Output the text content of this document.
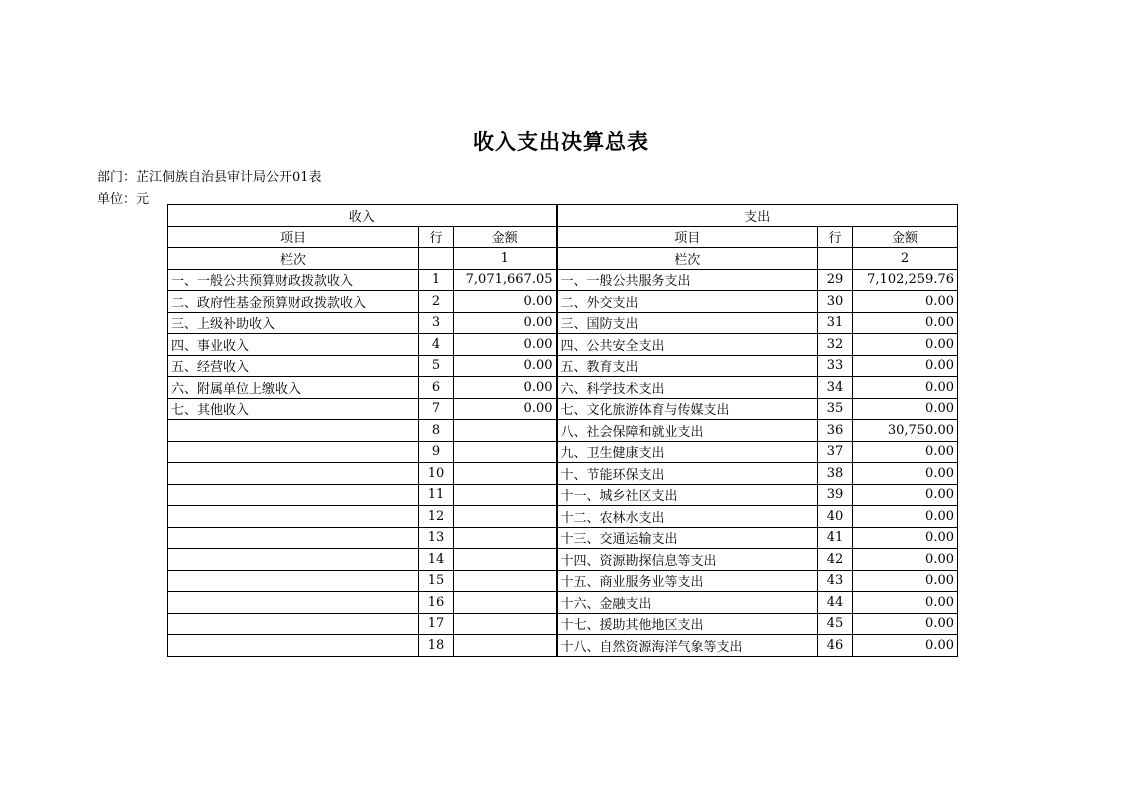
收入支出决算总表
部门：芷江侗族自治县审计局公开01表
单位：元
收入			支出		
项目	行	金额	项目	行	金额
栏次		1	栏次		2
一、一般公共预算财政拨款收入	1	7,071,667.05	一、一般公共服务支出	29	7,102,259.76
二、政府性基金预算财政拨款收入	2	0.00	二、外交支出	30	0.00
三、上级补助收入	3	0.00	三、国防支出	31	0.00
四、事业收入	4	0.00	四、公共安全支出	32	0.00
五、经营收入	5	0.00	五、教育支出	33	0.00
六、附属单位上缴收入	6	0.00	六、科学技术支出	34	0.00
七、其他收入	7	0.00	七、文化旅游体育与传媒支出	35	0.00
	8		八、社会保障和就业支出	36	30,750.00
	9		九、卫生健康支出	37	0.00
	10		十、节能环保支出	38	0.00
	11		十一、城乡社区支出	39	0.00
	12		十二、农林水支出	40	0.00
	13		十三、交通运输支出	41	0.00
	14		十四、资源勘探信息等支出	42	0.00
	15		十五、商业服务业等支出	43	0.00
	16		十六、金融支出	44	0.00
	17		十七、援助其他地区支出	45	0.00
	18		十八、自然资源海洋气象等支出	46	0.00
